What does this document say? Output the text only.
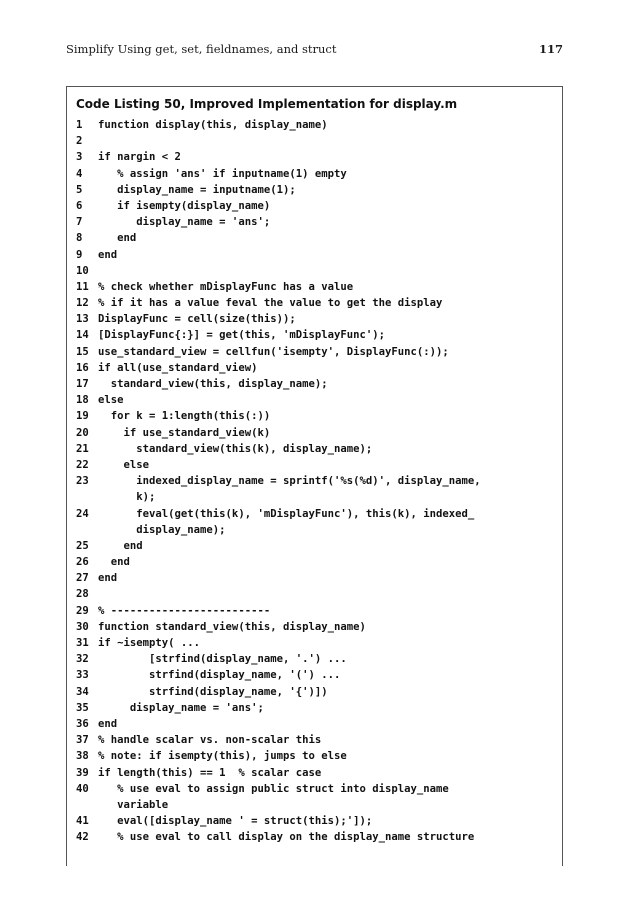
Simplify Using get, set, fieldnames, and struct	117
Code Listing 50, Improved Implementation for display.m
1	function display(this, display_name)
2
3	if nargin < 2
4	% assign 'ans' if inputname(1) empty
5	display_name = inputname(1);
6	if isempty(display_name)
7	display_name = 'ans';
8	end
9	end
10
11 % check whether mDisplayFunc has a value
12 % if it has a value feval the value to get the display
13 DisplayFunc = cell(size(this));
14 [DisplayFunc{:}] = get(this, 'mDisplayFunc');
15 use_standard_view = cellfun('isempty', DisplayFunc(:));
16 if all(use_standard_view)
17 standard_view(this, display_name);
18 else
19 for k = 1:length(this(:))
20 if use_standard_view(k)
21 standard_view(this(k), display_name);
22 else
23 indexed_display_name = sprintf('%s(%d)', display_name,
k);
24 feval(get(this(k), 'mDisplayFunc'), this(k), indexed_
display_name);
25 end
26 end
27 end
28
29 % -------------------------
30 function standard_view(this, display_name)
31 if ~isempty( ...
32 [strfind(display_name, '.') ...
33 strfind(display_name, '(') ...
34 strfind(display_name, '{')])
35 display_name = 'ans';
36 end
37 % handle scalar vs. non-scalar this
38 % note: if isempty(this), jumps to else
39 if length(this) == 1  % scalar case
40 % use eval to assign public struct into display_name
variable
41 eval([display_name ' = struct(this);']);
42 % use eval to call display on the display_name structure
